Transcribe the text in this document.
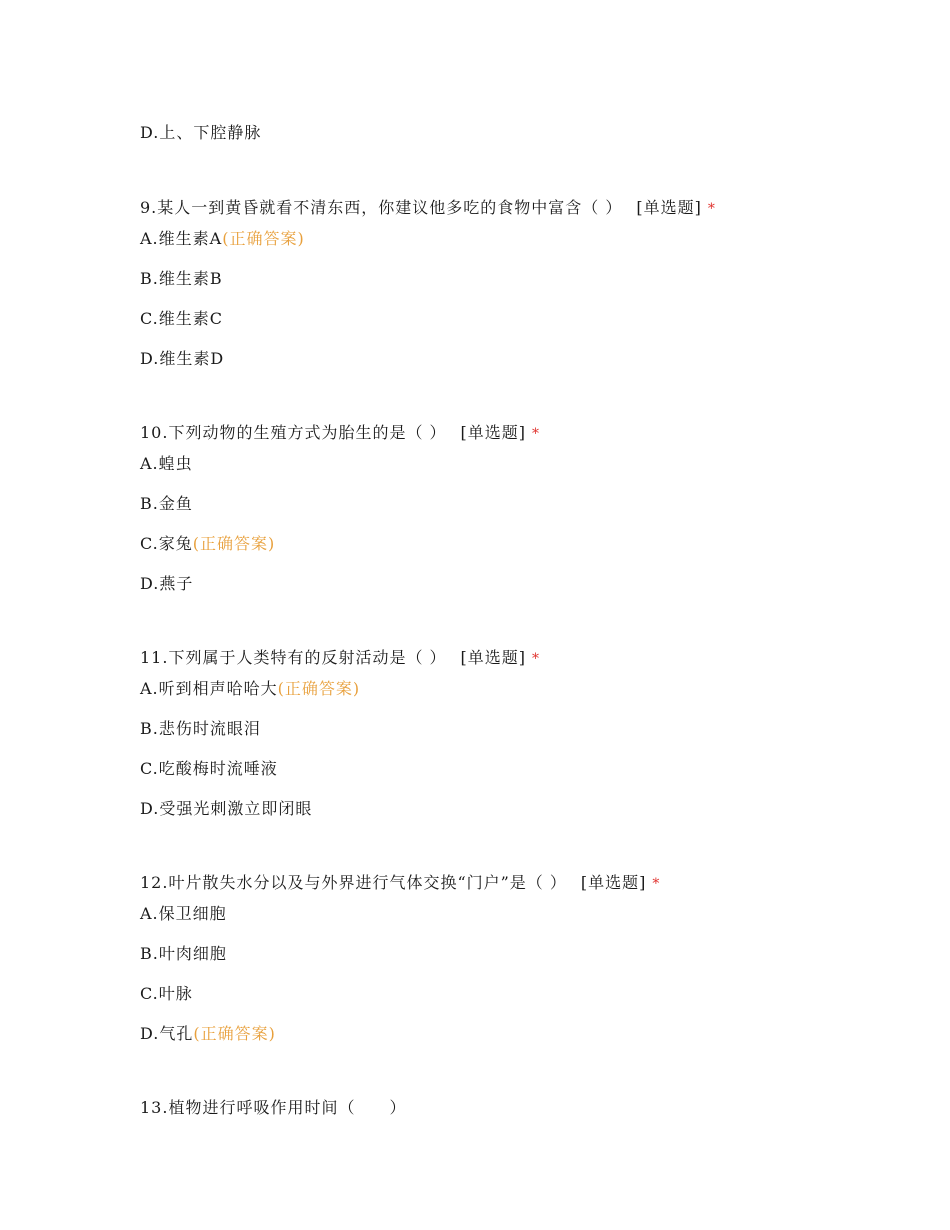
D.上、下腔静脉
9.某人一到黄昏就看不清东西，你建议他多吃的食物中富含（ ） [单选题] *
A.维生素A(正确答案)
B.维生素B
C.维生素C
D.维生素D
10.下列动物的生殖方式为胎生的是（ ） [单选题] *
A.蝗虫
B.金鱼
C.家兔(正确答案)
D.燕子
11.下列属于人类特有的反射活动是（ ） [单选题] *
A.听到相声哈哈大(正确答案)
B.悲伤时流眼泪
C.吃酸梅时流唾液
D.受强光刺激立即闭眼
12.叶片散失水分以及与外界进行气体交换“门户”是（ ） [单选题] *
A.保卫细胞
B.叶肉细胞
C.叶脉
D.气孔(正确答案)
13.植物进行呼吸作用时间（　　）
